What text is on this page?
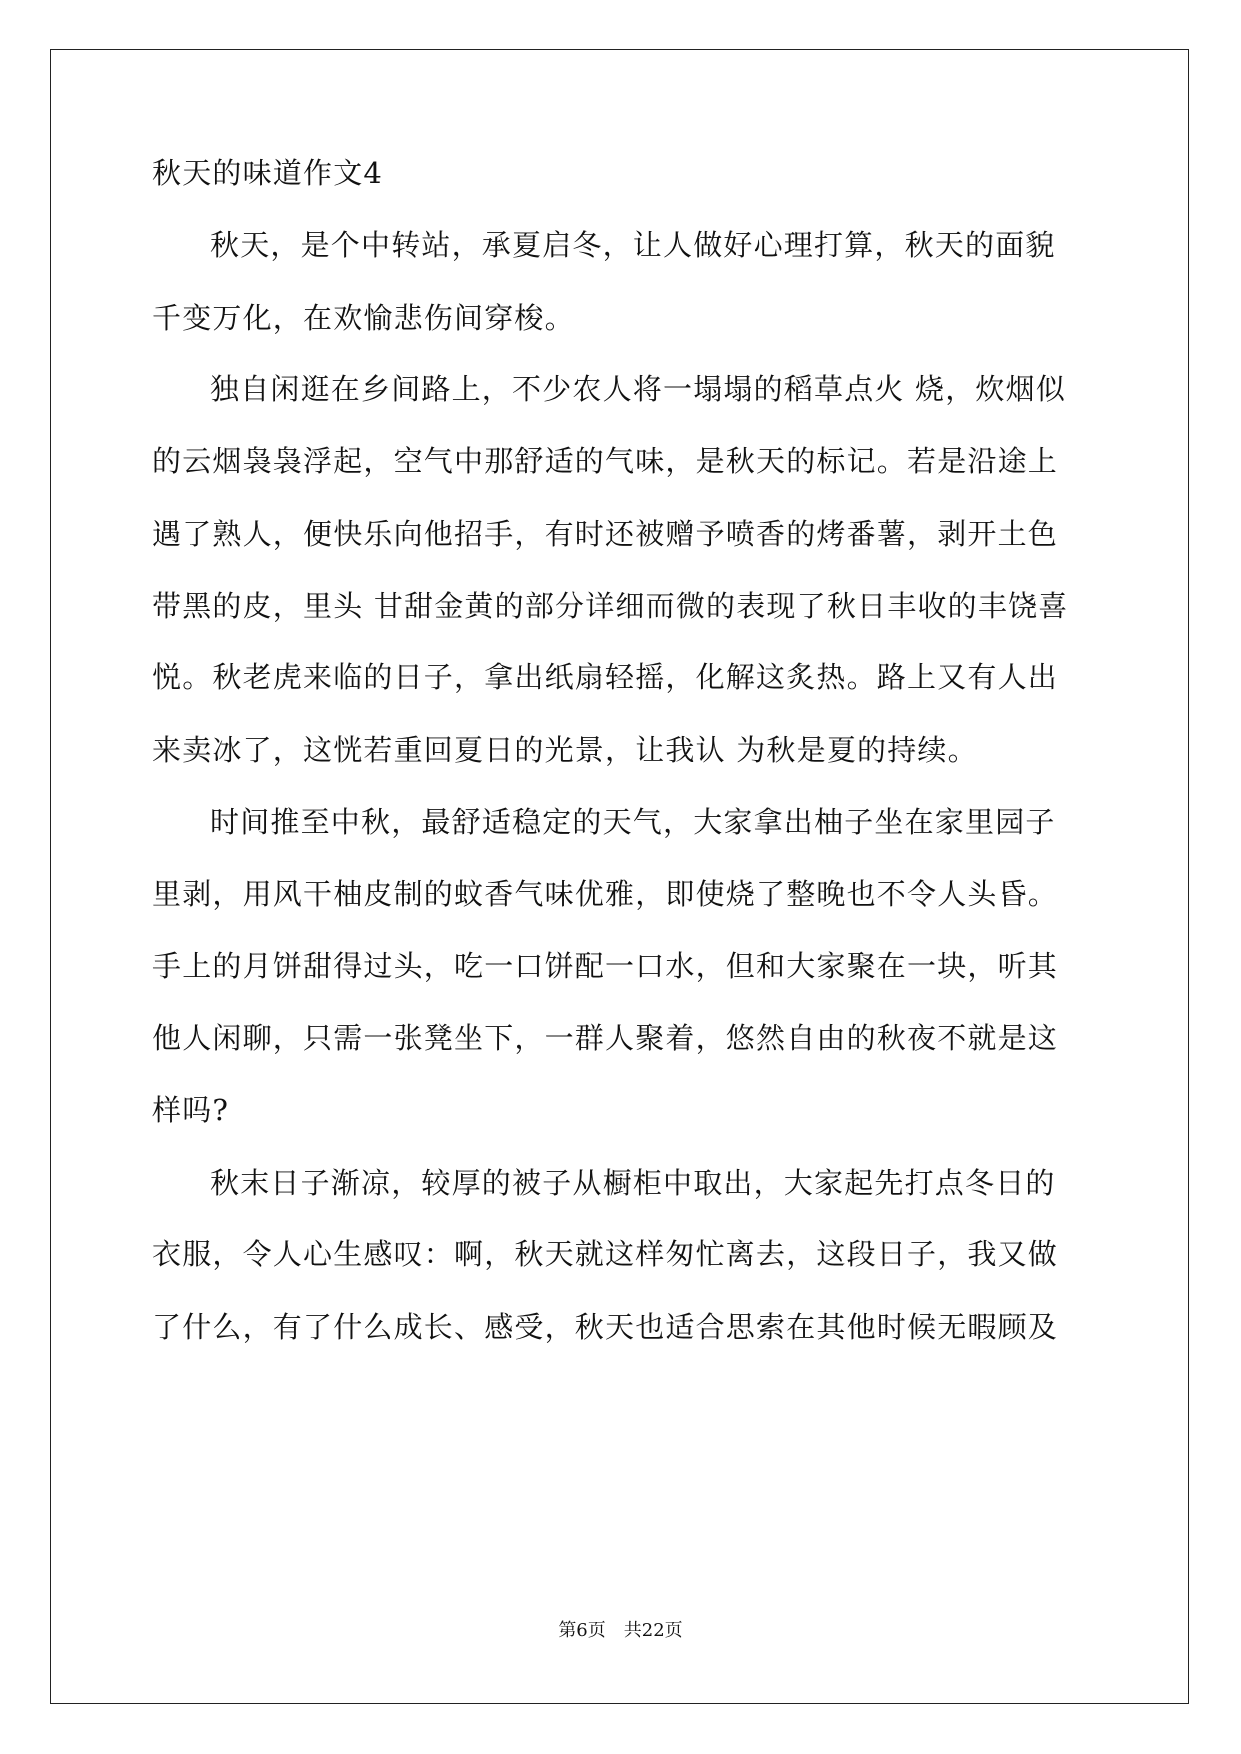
秋天的味道作文4
秋天，是个中转站，承夏启冬，让人做好心理打算，秋天的面貌
千变万化，在欢愉悲伤间穿梭。
独自闲逛在乡间路上，不少农人将一塌塌的稻草点火 烧，炊烟似
的云烟袅袅浮起，空气中那舒适的气味，是秋天的标记。若是沿途上
遇了熟人，便快乐向他招手，有时还被赠予喷香的烤番薯，剥开土色
带黑的皮，里头 甘甜金黄的部分详细而微的表现了秋日丰收的丰饶喜
悦。秋老虎来临的日子，拿出纸扇轻摇，化解这炙热。路上又有人出
来卖冰了，这恍若重回夏日的光景，让我认 为秋是夏的持续。
时间推至中秋，最舒适稳定的天气，大家拿出柚子坐在家里园子
里剥，用风干柚皮制的蚊香气味优雅，即使烧了整晚也不令人头昏。
手上的月饼甜得过头，吃一口饼配一口水，但和大家聚在一块，听其
他人闲聊，只需一张凳坐下，一群人聚着，悠然自由的秋夜不就是这
样吗?
秋末日子渐凉，较厚的被子从橱柜中取出，大家起先打点冬日的
衣服，令人心生感叹：啊，秋天就这样匆忙离去，这段日子，我又做
了什么，有了什么成长、感受，秋天也适合思索在其他时候无暇顾及
第6页 共22页
